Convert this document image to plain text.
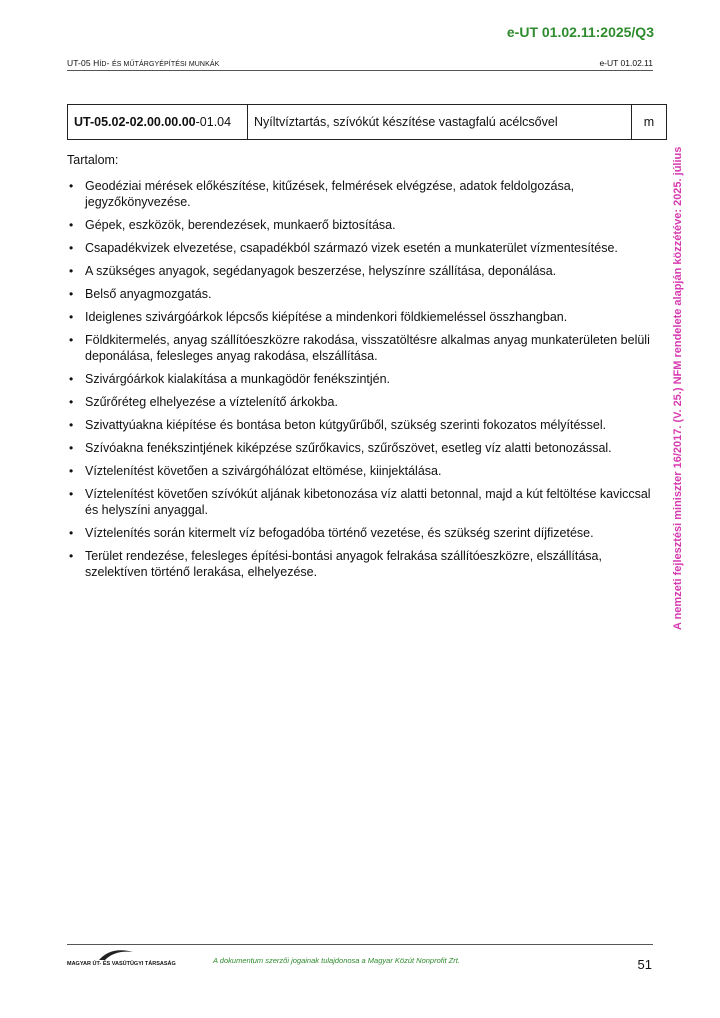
e-UT 01.02.11:2025/Q3
UT-05 HÍD- ÉS MŰTÁRGYÉPÍTÉSI MUNKÁK	e-UT 01.02.11
UT-05.02-02.00.00.00-01.04	Nyíltvíztartás, szívókút készítése vastagfalú acélcsővel	m
Tartalom:
• Geodéziai mérések előkészítése, kitűzések, felmérések elvégzése, adatok feldolgozása, jegyzőkönyvezése.
• Gépek, eszközök, berendezések, munkaerő biztosítása.
• Csapadékvizek elvezetése, csapadékból származó vizek esetén a munkaterület vízmentesítése.
• A szükséges anyagok, segédanyagok beszerzése, helyszínre szállítása, deponálása.
• Belső anyagmozgatás.
• Ideiglenes szivárgóárkok lépcsős kiépítése a mindenkori földkiemeléssel összhangban.
• Földkitermelés, anyag szállítóeszközre rakodása, visszatöltésre alkalmas anyag munkaterületen belüli deponálása, felesleges anyag rakodása, elszállítása.
• Szivárgóárkok kialakítása a munkagödör fenékszintjén.
• Szűrőréteg elhelyezése a víztelenítő árkokba.
• Szivattyúakna kiépítése és bontása beton kútgyűrűből, szükség szerinti fokozatos mélyítéssel.
• Szívóakna fenékszintjének kiképzése szűrőkavics, szűrőszövet, esetleg víz alatti betonozással.
• Víztelenítést követően a szivárgóhálózat eltömése, kiinjektálása.
• Víztelenítést követően szívókút aljának kibetonozása víz alatti betonnal, majd a kút feltöltése kaviccsal és helyszíni anyaggal.
• Víztelenítés során kitermelt víz befogadóba történő vezetése, és szükség szerint díjfizetése.
• Terület rendezése, felesleges építési-bontási anyagok felrakása szállítóeszközre, elszállítása, szelektíven történő lerakása, elhelyezése.	A nemzeti fejlesztési miniszter 16/2017. (V. 25.) NFM rendelete alapján közzétéve: 2025. július
MAGYAR ÚT- ÉS VASÚTÜGYI TÁRSASÁG	A dokumentum szerzői jogainak tulajdonosa a Magyar Közút Nonprofit Zrt.	51
